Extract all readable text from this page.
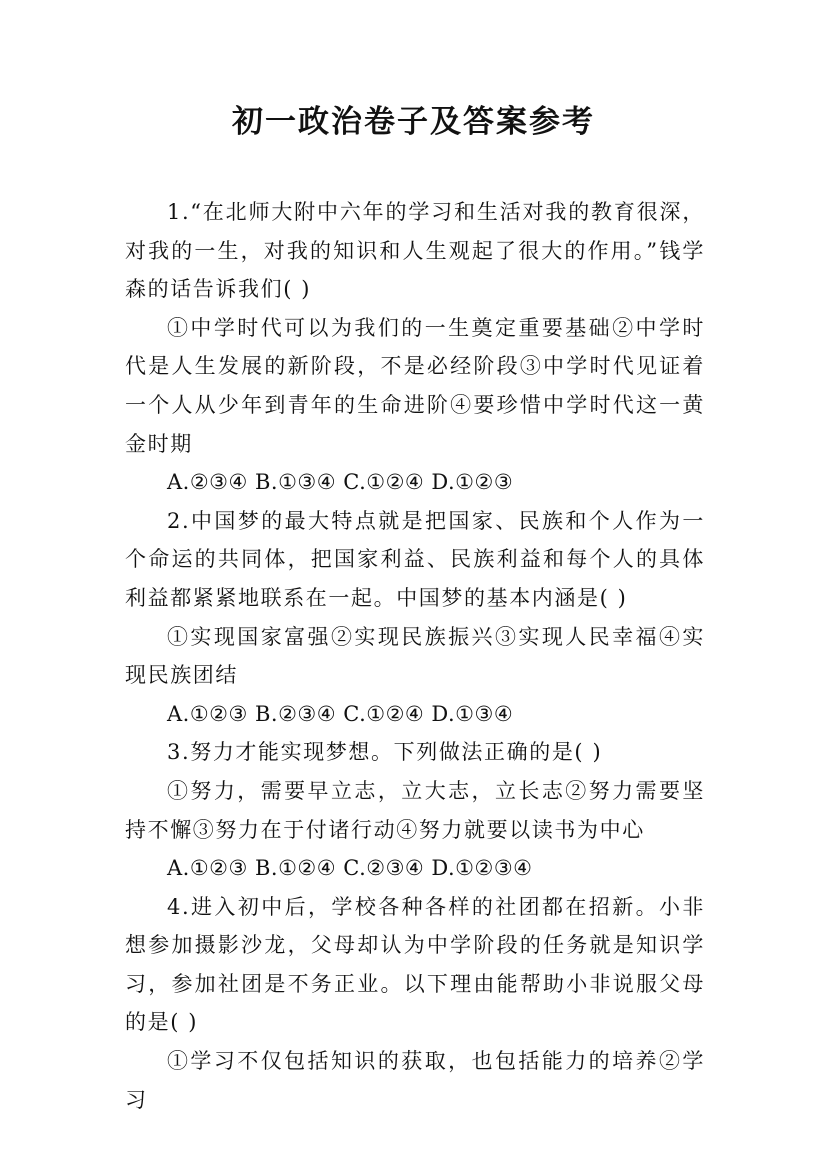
初一政治卷子及答案参考

1.“在北师大附中六年的学习和生活对我的教育很深，对我的一生，对我的知识和人生观起了很大的作用。”钱学森的话告诉我们( )

①中学时代可以为我们的一生奠定重要基础②中学时代是人生发展的新阶段，不是必经阶段③中学时代见证着一个人从少年到青年的生命进阶④要珍惜中学时代这一黄金时期

A.②③④ B.①③④ C.①②④ D.①②③

2.中国梦的最大特点就是把国家、民族和个人作为一个命运的共同体，把国家利益、民族利益和每个人的具体利益都紧紧地联系在一起。中国梦的基本内涵是( )

①实现国家富强②实现民族振兴③实现人民幸福④实现民族团结

A.①②③ B.②③④ C.①②④ D.①③④

3.努力才能实现梦想。下列做法正确的是( )

①努力，需要早立志，立大志，立长志②努力需要坚持不懈③努力在于付诸行动④努力就要以读书为中心

A.①②③ B.①②④ C.②③④ D.①②③④

4.进入初中后，学校各种各样的社团都在招新。小非想参加摄影沙龙，父母却认为中学阶段的任务就是知识学习，参加社团是不务正业。以下理由能帮助小非说服父母的是( )

①学习不仅包括知识的获取，也包括能力的培养②学习
